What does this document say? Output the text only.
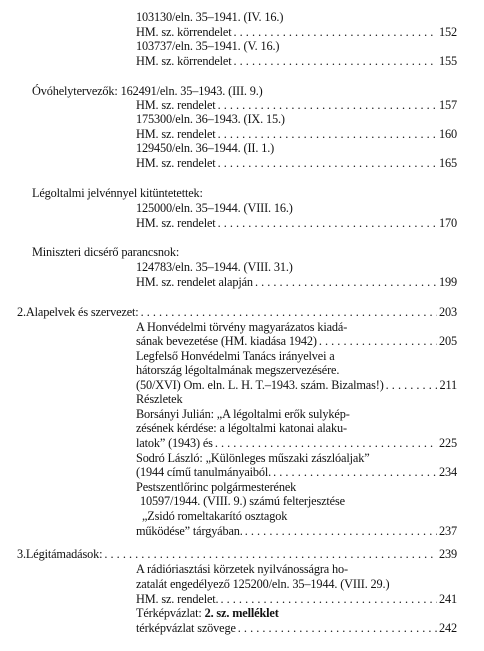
103130/eln. 35–1941. (IV. 16.)
HM. sz. körrendelet . . .	152
103737/eln. 35–1941. (V. 16.)
HM. sz. körrendelet . . .	155
Óvóhelytervezők: 162491/eln. 35–1943. (III. 9.)
HM. sz. rendelet . . .	157
175300/eln. 36–1943. (IX. 15.)
HM. sz. rendelet . . .	160
129450/eln. 36–1944. (II. 1.)
HM. sz. rendelet . . .	165
Légoltalmi jelvénnyel kitüntetettek:
125000/eln. 35–1944. (VIII. 16.)
HM. sz. rendelet . . .	170
Miniszteri dicsérő parancsnok:
124783/eln. 35–1944. (VIII. 31.)
HM. sz. rendelet alapján . . .	199
2.Alapelvek és szervezet: . . .	203
A Honvédelmi törvény magyarázatos kiadá-
sának bevezetése (HM. kiadása 1942) . . .	205
Legfelső Honvédelmi Tanács irányelvei a
hátország légoltalmának megszervezésére.
(50/XVI) Om. eln. L. H. T.–1943. szám. Bizalmas!) . . .	211
Részletek
Borsányi Julián: „A légoltalmi erők sulykép-
zésének kérdése: a légoltalmi katonai alaku-
latok” (1943) és . . .	225
Sodró László: „Különleges műszaki zászlóaljak”
(1944 című tanulmányaiból. . . .	234
Pestszentlőrinc polgármesterének
10597/1944. (VIII. 9.) számú felterjesztése
„Zsidó romeltakarító osztagok
működése” tárgyában. . . .	237
3.Légitámadások: . . .	239
A rádióriasztási körzetek nyilvánosságra ho-
zatalát engedélyező 125200/eln. 35–1944. (VIII. 29.)
HM. sz. rendelet. . . .	241
Térképvázlat: 2. sz. melléklet
térképvázlat szövege . . .	242
